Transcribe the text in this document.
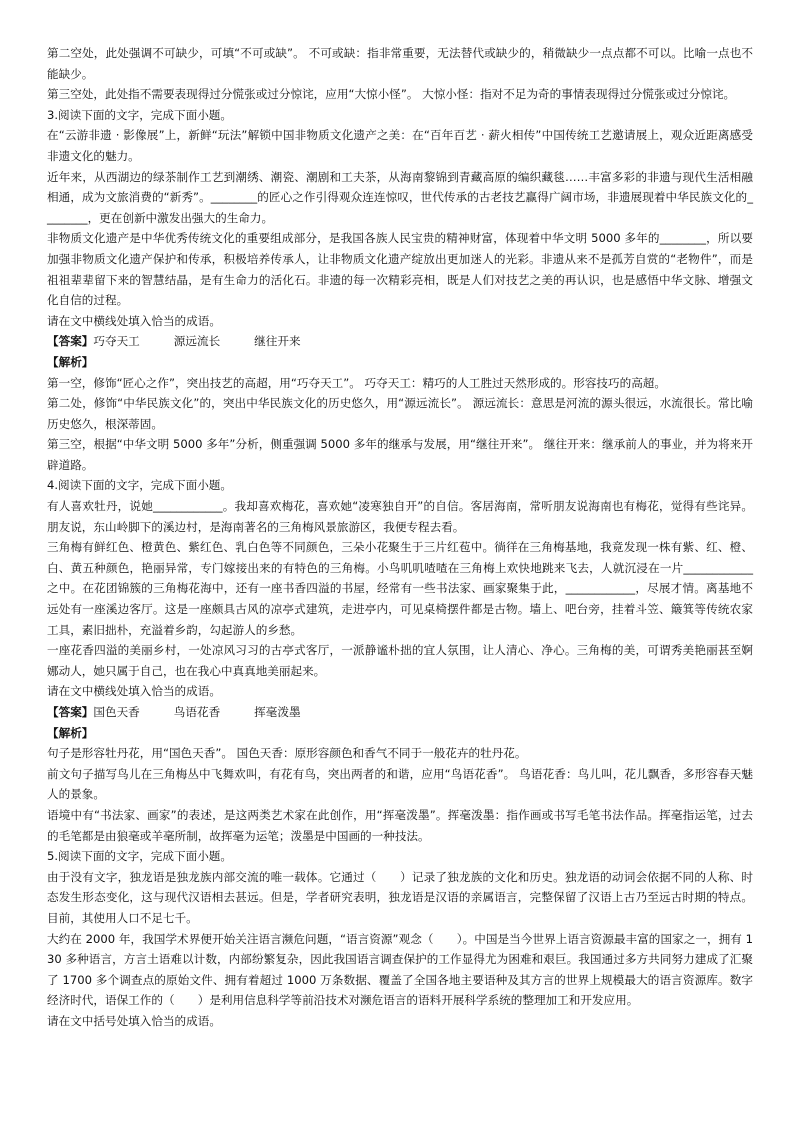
第二空处，此处强调不可缺少，可填“不可或缺”。 不可或缺：指非常重要，无法替代或缺少的，稍微缺少一点点都不可以。比喻一点也不能缺少。

第三空处，此处指不需要表现得过分慌张或过分惊诧，应用“大惊小怪”。 大惊小怪：指对不足为奇的事情表现得过分慌张或过分惊诧。

3.阅读下面的文字，完成下面小题。

在“云游非遗 · 影像展”上，新鲜“玩法”解锁中国非物质文化遗产之美：在“百年百艺 · 薪火相传”中国传统工艺邀请展上，观众近距离感受非遗文化的魅力。

近年来，从西湖边的绿茶制作工艺到潮绣、潮瓷、潮剧和工夫茶，从海南黎锦到青藏高原的编织藏毯……丰富多彩的非遗与现代生活相融相通，成为文旅消费的“新秀”。________的匠心之作引得观众连连惊叹，世代传承的古老技艺赢得广阔市场，非遗展现着中华民族文化的________，更在创新中激发出强大的生命力。

非物质文化遗产是中华优秀传统文化的重要组成部分，是我国各族人民宝贵的精神财富，体现着中华文明 5000 多年的________，所以要加强非物质文化遗产保护和传承，积极培养传承人，让非物质文化遗产绽放出更加迷人的光彩。非遗从来不是孤芳自赏的“老物件”，而是祖祖辈辈留下来的智慧结晶，是有生命力的活化石。非遗的每一次精彩亮相，既是人们对技艺之美的再认识，也是感悟中华文脉、增强文化自信的过程。

请在文中横线处填入恰当的成语。

【答案】巧夺天工	源远流长	继往开来

【解析】

第一空，修饰“匠心之作”，突出技艺的高超，用“巧夺天工”。 巧夺天工：精巧的人工胜过天然形成的。形容技巧的高超。

第二处，修饰“中华民族文化”的，突出中华民族文化的历史悠久，用“源远流长”。 源远流长：意思是河流的源头很远，水流很长。常比喻历史悠久，根深蒂固。

第三空，根据“中华文明 5000 多年”分析，侧重强调 5000 多年的继承与发展，用“继往开来”。 继往开来：继承前人的事业，并为将来开辟道路。

4.阅读下面的文字，完成下面小题。

有人喜欢牡丹，说她____________。我却喜欢梅花，喜欢她“凌寒独自开”的自信。客居海南，常听朋友说海南也有梅花，觉得有些诧异。朋友说，东山岭脚下的溪边村，是海南著名的三角梅风景旅游区，我便专程去看。

三角梅有鲜红色、橙黄色、紫红色、乳白色等不同颜色，三朵小花聚生于三片红苞中。徜徉在三角梅基地，我竟发现一株有紫、红、橙、白、黄五种颜色，艳丽异常，专门嫁接出来的有特色的三角梅。小鸟叽叽喳喳在三角梅上欢快地跳来飞去，人就沉浸在一片____________之中。在花团锦簇的三角梅花海中，还有一座书香四溢的书屋，经常有一些书法家、画家聚集于此，____________，尽展才情。离基地不远处有一座溪边客厅。这是一座颇具古风的凉亭式建筑，走进亭内，可见桌椅摆件都是古物。墙上、吧台旁，挂着斗笠、簸箕等传统农家工具，素旧拙朴，充溢着乡韵，勾起游人的乡愁。

一座花香四溢的美丽乡村，一处凉风习习的古亭式客厅，一派静谧朴拙的宜人氛围，让人清心、净心。三角梅的美，可谓秀美艳丽甚至婀娜动人，她只属于自己，也在我心中真真地美丽起来。

请在文中横线处填入恰当的成语。

【答案】国色天香	鸟语花香	挥毫泼墨

【解析】

句子是形容牡丹花，用“国色天香”。 国色天香：原形容颜色和香气不同于一般花卉的牡丹花。

前文句子描写鸟儿在三角梅丛中飞舞欢叫，有花有鸟，突出两者的和谐，应用“鸟语花香”。 鸟语花香：鸟儿叫，花儿飘香，多形容春天魅人的景象。

语境中有“书法家、画家”的表述，是这两类艺术家在此创作，用“挥毫泼墨”。挥毫泼墨：指作画或书写毛笔书法作品。挥毫指运笔，过去的毛笔都是由狼毫或羊毫所制，故挥毫为运笔；泼墨是中国画的一种技法。

5.阅读下面的文字，完成下面小题。

由于没有文字，独龙语是独龙族内部交流的唯一载体。它通过（　　）记录了独龙族的文化和历史。独龙语的动词会依据不同的人称、时态发生形态变化，这与现代汉语相去甚远。但是，学者研究表明，独龙语是汉语的亲属语言，完整保留了汉语上古乃至远古时期的特点。目前，其使用人口不足七千。

大约在 2000 年，我国学术界便开始关注语言濒危问题，“语言资源”观念（　　）。中国是当今世界上语言资源最丰富的国家之一，拥有 130 多种语言，方言土语难以计数，内部纷繁复杂，因此我国语言调查保护的工作显得尤为困难和艰巨。我国通过多方共同努力建成了汇聚了 1700 多个调查点的原始文件、拥有着超过 1000 万条数据、覆盖了全国各地主要语种及其方言的世界上规模最大的语言资源库。数字经济时代，语保工作的（　　）是利用信息科学等前沿技术对濒危语言的语料开展科学系统的整理加工和开发应用。

请在文中括号处填入恰当的成语。
